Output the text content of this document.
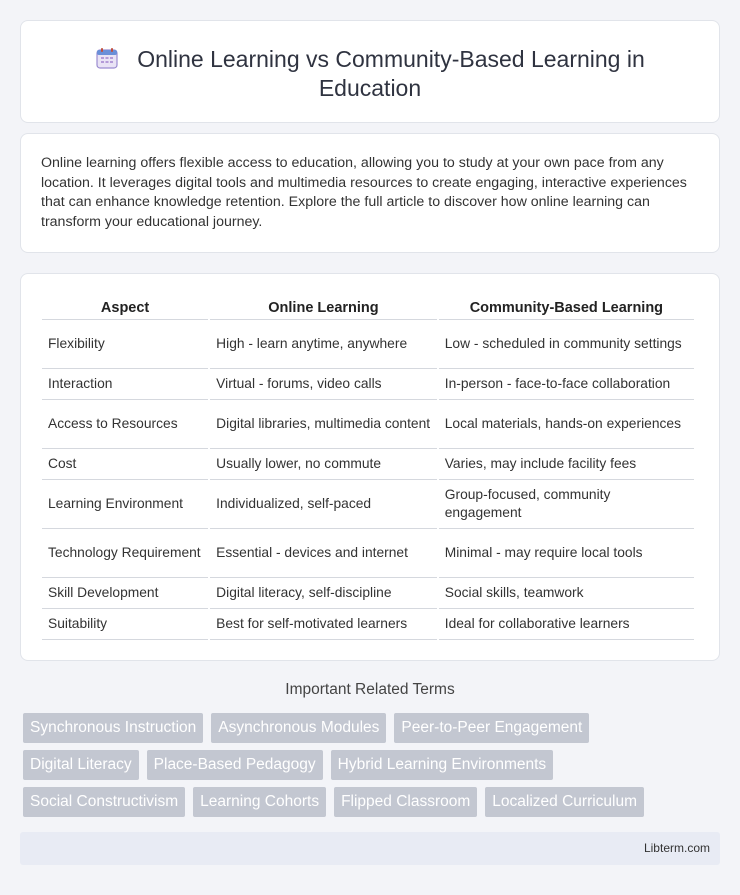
Online Learning vs Community-Based Learning in Education

Online learning offers flexible access to education, allowing you to study at your own pace from any location. It leverages digital tools and multimedia resources to create engaging, interactive experiences that can enhance knowledge retention. Explore the full article to discover how online learning can transform your educational journey.

Aspect	Online Learning	Community-Based Learning
Flexibility	High - learn anytime, anywhere	Low - scheduled in community settings
Interaction	Virtual - forums, video calls	In-person - face-to-face collaboration
Access to Resources	Digital libraries, multimedia content	Local materials, hands-on experiences
Cost	Usually lower, no commute	Varies, may include facility fees
Learning Environment	Individualized, self-paced	Group-focused, community engagement
Technology Requirement	Essential - devices and internet	Minimal - may require local tools
Skill Development	Digital literacy, self-discipline	Social skills, teamwork
Suitability	Best for self-motivated learners	Ideal for collaborative learners
Important Related Terms
Synchronous Instruction	Asynchronous Modules	Peer-to-Peer Engagement
Digital Literacy	Place-Based Pedagogy	Hybrid Learning Environments
Social Constructivism	Learning Cohorts	Flipped Classroom	Localized Curriculum
Libterm.com
